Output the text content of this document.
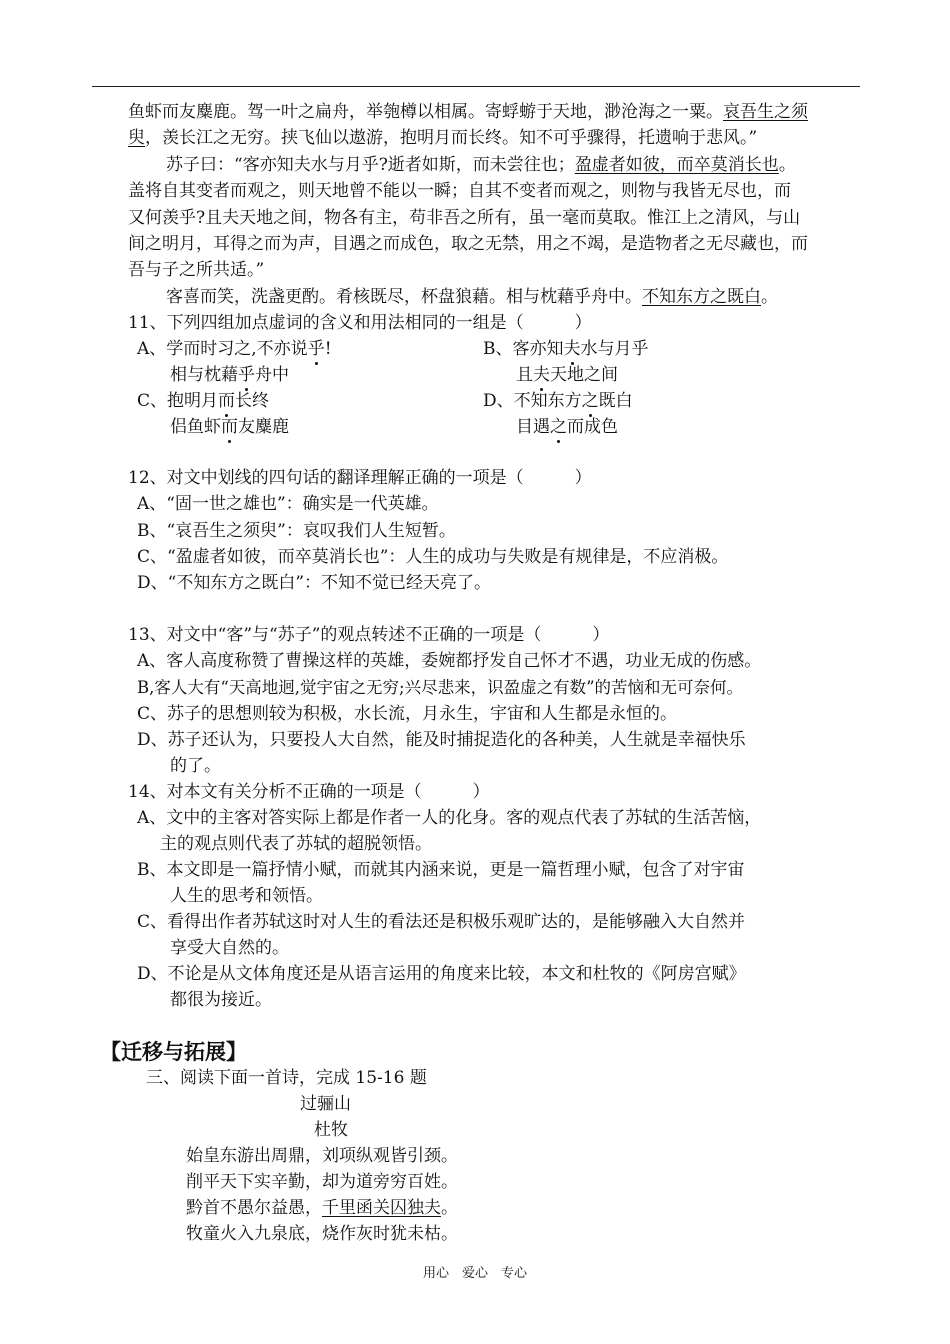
鱼虾而友麋鹿。驾一叶之扁舟，举匏樽以相属。寄蜉蝣于天地，渺沧海之一粟。哀吾生之须
臾，羡长江之无穷。挟飞仙以遨游，抱明月而长终。知不可乎骤得，托遗响于悲风。”
苏子曰：“客亦知夫水与月乎?逝者如斯，而未尝往也；盈虚者如彼，而卒莫消长也。
盖将自其变者而观之，则天地曾不能以一瞬；自其不变者而观之，则物与我皆无尽也，而
又何羡乎?且夫天地之间，物各有主，苟非吾之所有，虽一毫而莫取。惟江上之清风，与山
间之明月，耳得之而为声，目遇之而成色，取之无禁，用之不竭，是造物者之无尽藏也，而
吾与子之所共适。”
客喜而笑，洗盏更酌。肴核既尽，杯盘狼藉。相与枕藉乎舟中。不知东方之既白。
11、下列四组加点虚词的含义和用法相同的一组是（　　　）
A、学而时习之,不亦说乎!
相与枕藉乎舟中
B、客亦知夫水与月乎
且夫天地之间
C、抱明月而长终
侣鱼虾而友麋鹿
D、不知东方之既白
目遇之而成色
12、对文中划线的四句话的翻译理解正确的一项是（　　　）
A、“固一世之雄也”：确实是一代英雄。
B、“哀吾生之须臾”：哀叹我们人生短暂。
C、“盈虚者如彼，而卒莫消长也”：人生的成功与失败是有规律是，不应消极。
D、“不知东方之既白”：不知不觉已经天亮了。
13、对文中“客”与“苏子”的观点转述不正确的一项是（　　　）
A、客人高度称赞了曹操这样的英雄，委婉都抒发自己怀才不遇，功业无成的伤感。
B,客人大有“天高地迥,觉宇宙之无穷;兴尽悲来，识盈虚之有数”的苦恼和无可奈何。
C、苏子的思想则较为积极，水长流，月永生，宇宙和人生都是永恒的。
D、苏子还认为，只要投人大自然，能及时捕捉造化的各种美，人生就是幸福快乐
的了。
14、对本文有关分析不正确的一项是（　　　）
A、文中的主客对答实际上都是作者一人的化身。客的观点代表了苏轼的生活苦恼，
主的观点则代表了苏轼的超脱领悟。
B、本文即是一篇抒情小赋，而就其内涵来说，更是一篇哲理小赋，包含了对宇宙
人生的思考和领悟。
C、看得出作者苏轼这时对人生的看法还是积极乐观旷达的，是能够融入大自然并
享受大自然的。
D、不论是从文体角度还是从语言运用的角度来比较，本文和杜牧的《阿房宫赋》
都很为接近。
【迁移与拓展】
三、阅读下面一首诗，完成 15-16 题
过骊山
杜牧
始皇东游出周鼎，刘项纵观皆引颈。
削平天下实辛勤，却为道旁穷百姓。
黔首不愚尔益愚，千里函关囚独夫。
牧童火入九泉底，烧作灰时犹未枯。
用心　爱心　专心
